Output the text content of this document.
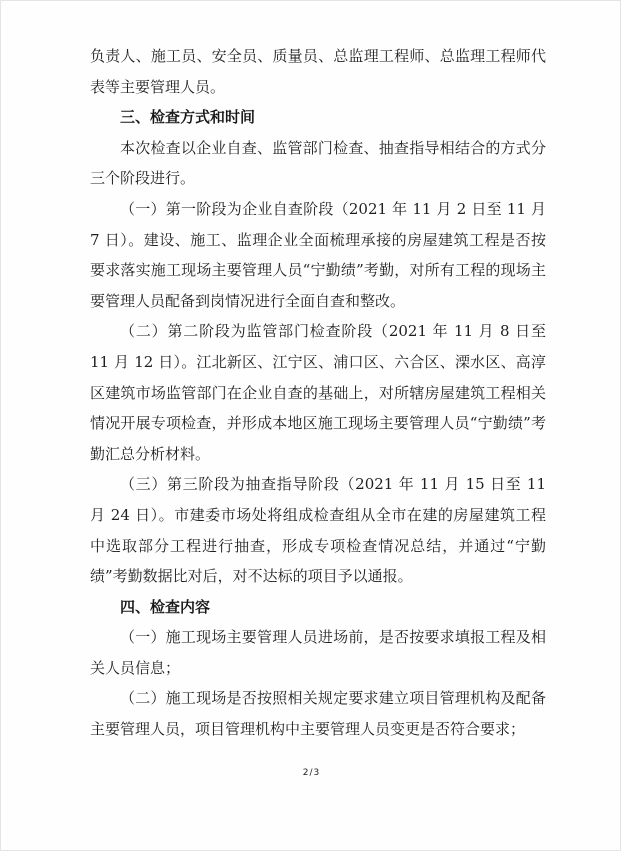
负责人、施工员、安全员、质量员、总监理工程师、总监理工程师代表等主要管理人员。

三、检查方式和时间

本次检查以企业自查、监管部门检查、抽查指导相结合的方式分三个阶段进行。

（一）第一阶段为企业自查阶段（2021 年 11 月 2 日至 11 月 7 日）。建设、施工、监理企业全面梳理承接的房屋建筑工程是否按要求落实施工现场主要管理人员“宁勤绩”考勤，对所有工程的现场主要管理人员配备到岗情况进行全面自查和整改。

（二）第二阶段为监管部门检查阶段（2021 年 11 月 8 日至 11 月 12 日）。江北新区、江宁区、浦口区、六合区、溧水区、高淳区建筑市场监管部门在企业自查的基础上，对所辖房屋建筑工程相关情况开展专项检查，并形成本地区施工现场主要管理人员“宁勤绩”考勤汇总分析材料。

（三）第三阶段为抽查指导阶段（2021 年 11 月 15 日至 11 月 24 日）。市建委市场处将组成检查组从全市在建的房屋建筑工程中选取部分工程进行抽查，形成专项检查情况总结，并通过“宁勤绩”考勤数据比对后，对不达标的项目予以通报。

四、检查内容

（一）施工现场主要管理人员进场前，是否按要求填报工程及相关人员信息；

（二）施工现场是否按照相关规定要求建立项目管理机构及配备主要管理人员，项目管理机构中主要管理人员变更是否符合要求；

2/3
